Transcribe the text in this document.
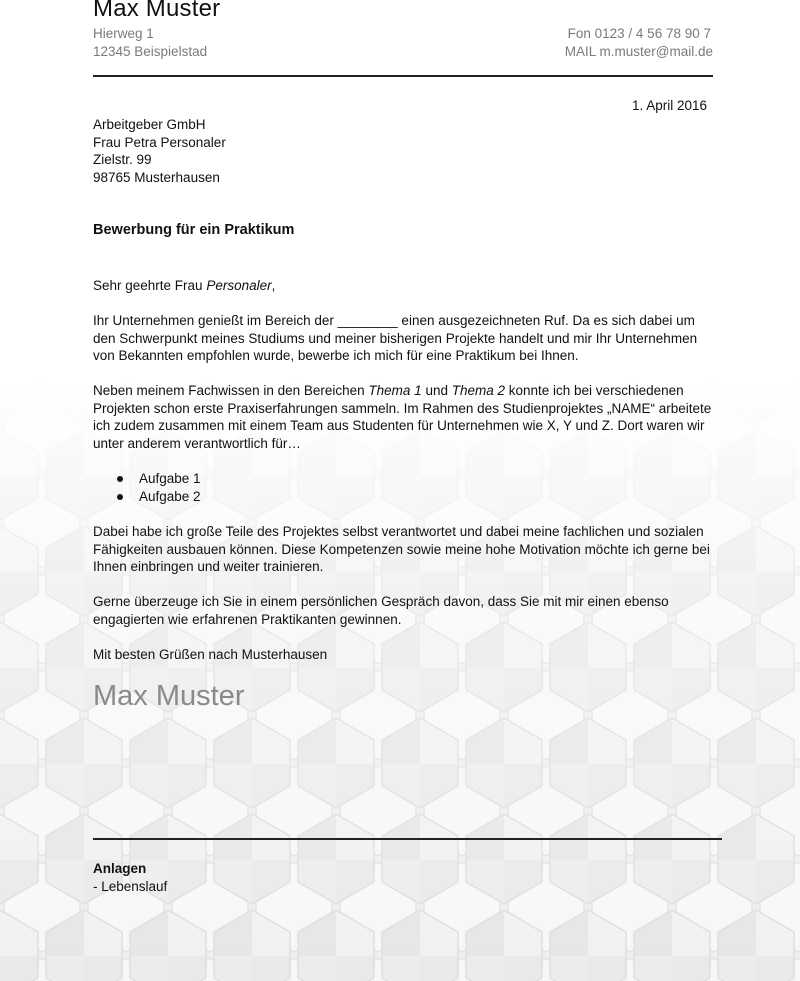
Max Muster
Hierweg 1
12345 Beispielstad
Fon 0123 / 4 56 78 90 7
MAIL m.muster@mail.de
1. April 2016
Arbeitgeber GmbH
Frau Petra Personaler
Zielstr. 99
98765 Musterhausen
Bewerbung für ein Praktikum
Sehr geehrte Frau Personaler,

Ihr Unternehmen genießt im Bereich der ________ einen ausgezeichneten Ruf. Da es sich dabei um den Schwerpunkt meines Studiums und meiner bisherigen Projekte handelt und mir Ihr Unternehmen von Bekannten empfohlen wurde, bewerbe ich mich für eine Praktikum bei Ihnen.

Neben meinem Fachwissen in den Bereichen Thema 1 und Thema 2 konnte ich bei verschiedenen Projekten schon erste Praxiserfahrungen sammeln. Im Rahmen des Studienprojektes „NAME“ arbeitete ich zudem zusammen mit einem Team aus Studenten für Unternehmen wie X, Y und Z. Dort waren wir unter anderem verantwortlich für…

Aufgabe 1
Aufgabe 2

Dabei habe ich große Teile des Projektes selbst verantwortet und dabei meine fachlichen und sozialen Fähigkeiten ausbauen können. Diese Kompetenzen sowie meine hohe Motivation möchte ich gerne bei Ihnen einbringen und weiter trainieren.

Gerne überzeuge ich Sie in einem persönlichen Gespräch davon, dass Sie mit mir einen ebenso engagierten wie erfahrenen Praktikanten gewinnen.

Mit besten Grüßen nach Musterhausen
Max Muster
Anlagen
- Lebenslauf
